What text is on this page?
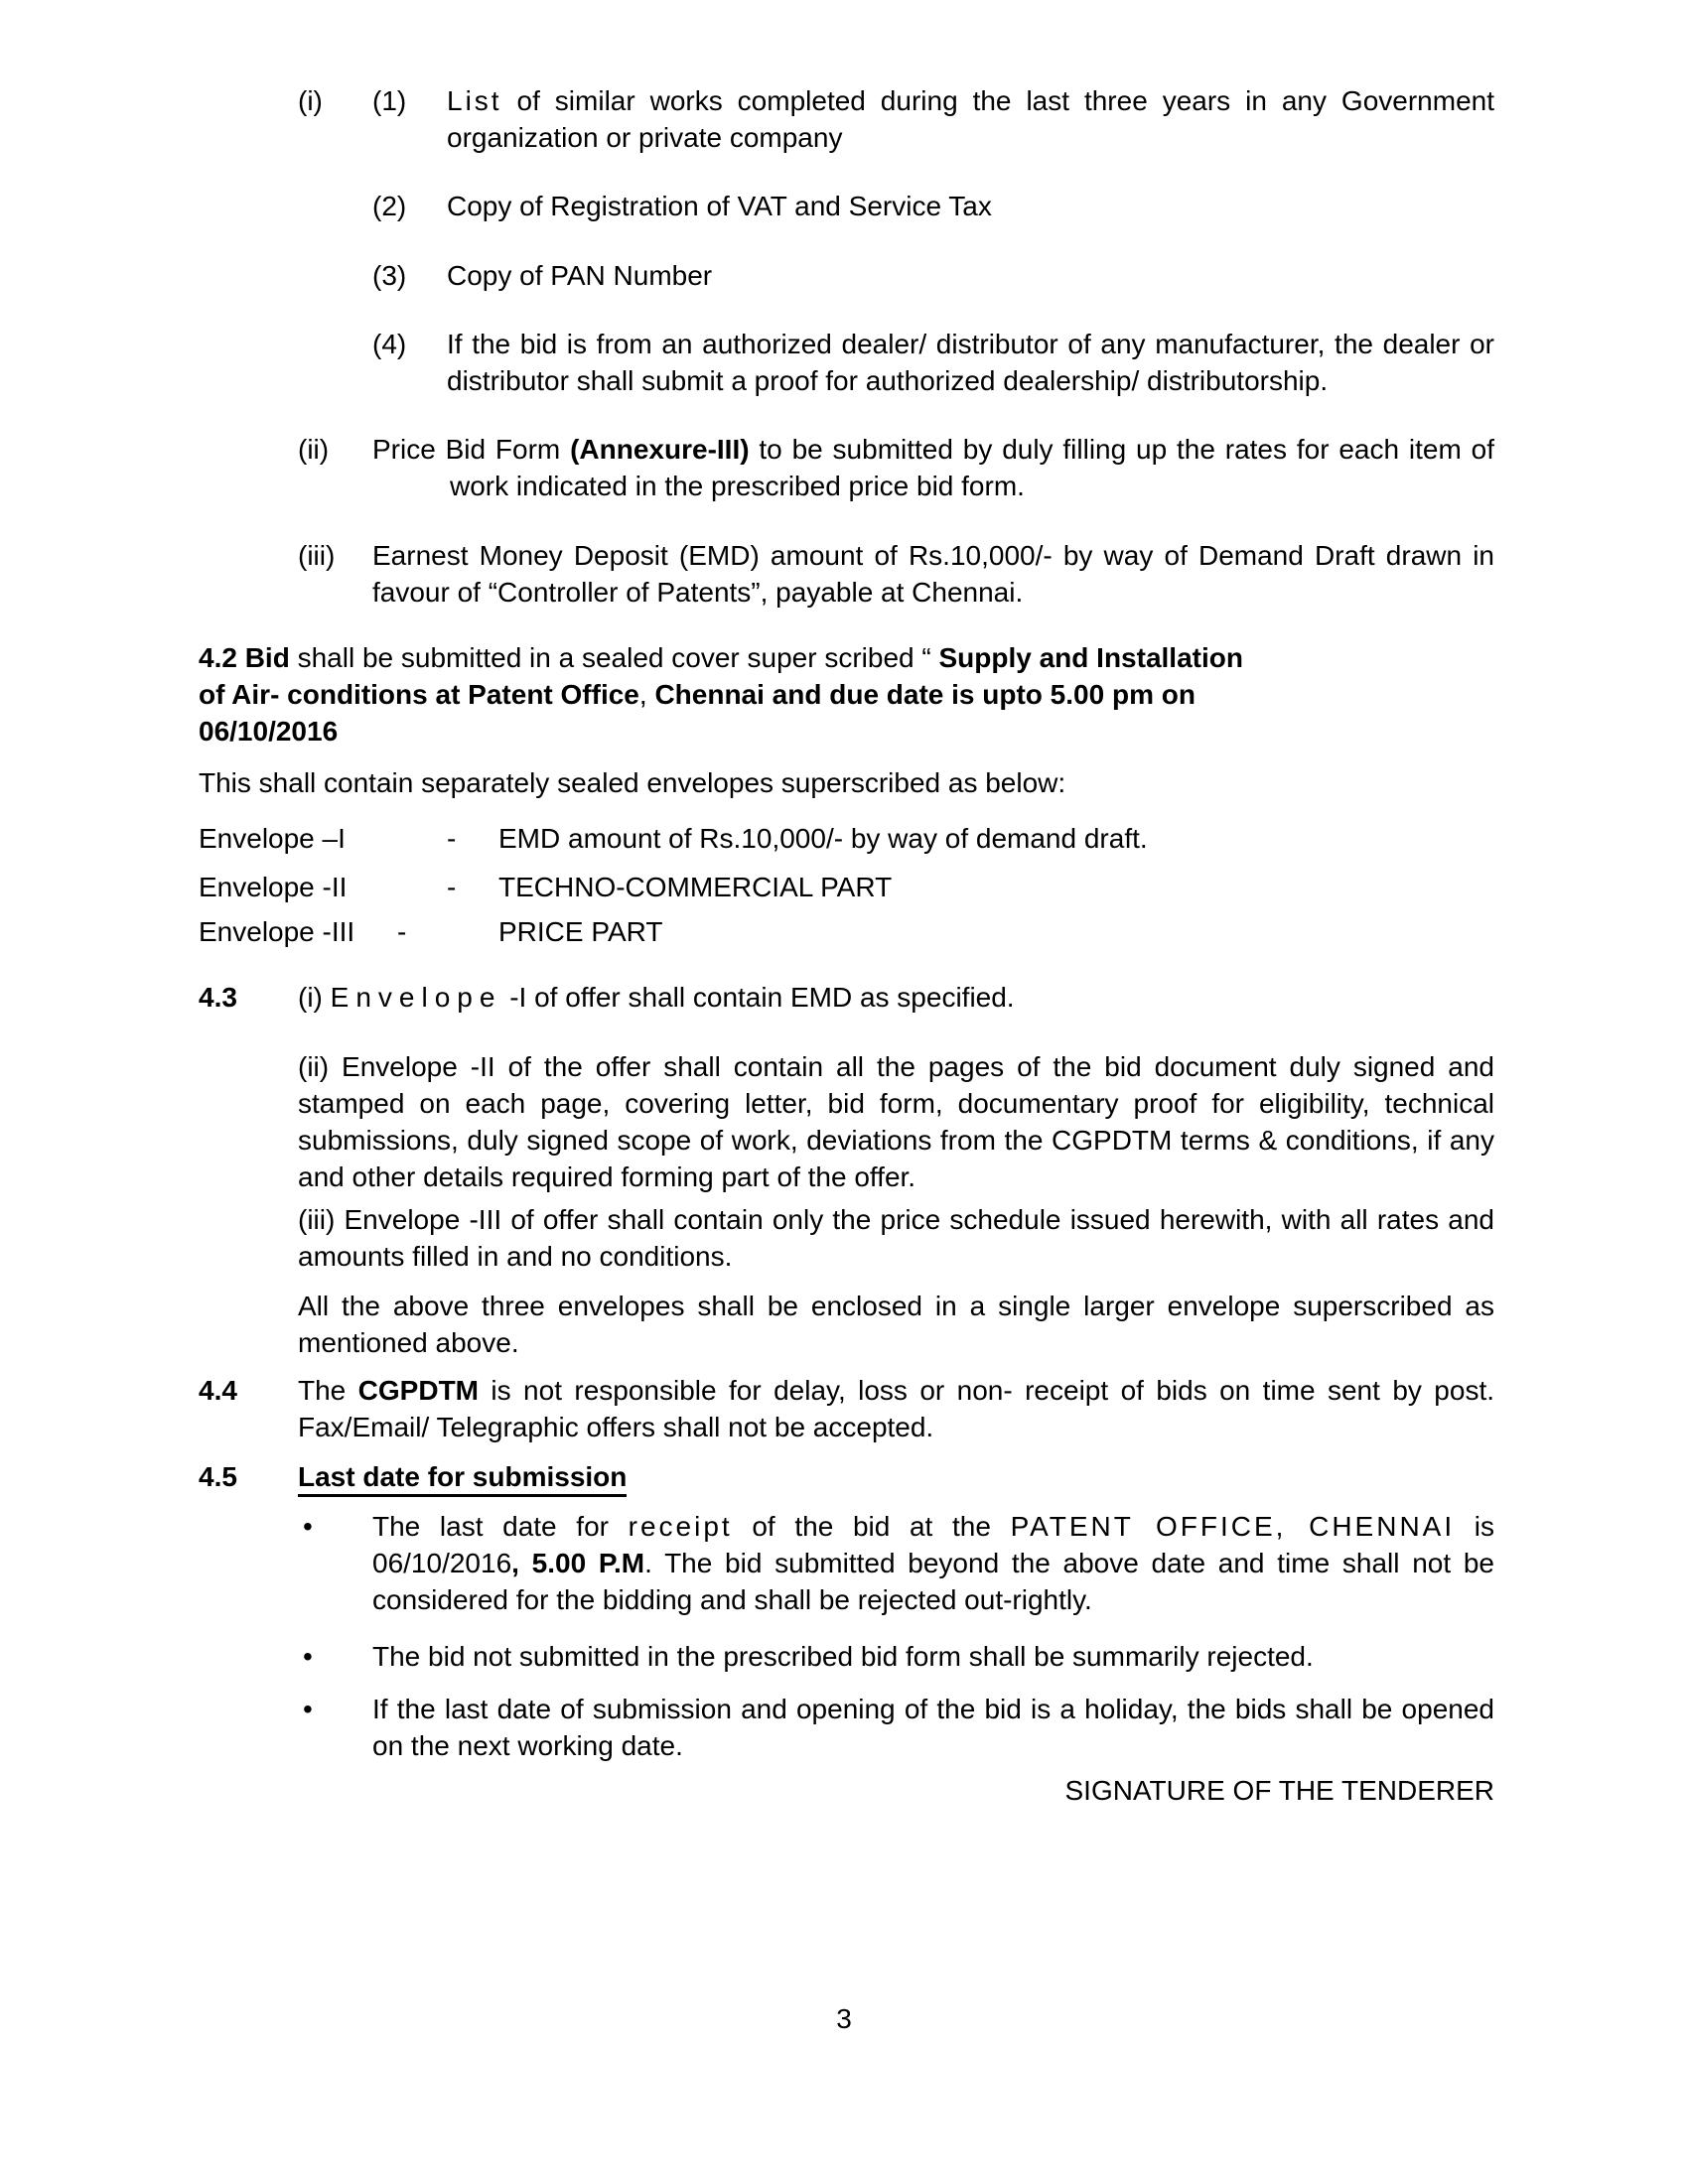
(i)	(1)	List of similar works completed during the last three years in any Government organization or private company
(2)	Copy of Registration of VAT and Service Tax
(3)	Copy of PAN Number
(4)	If the bid is from an authorized dealer/ distributor of any manufacturer, the dealer or distributor shall submit a proof for authorized dealership/ distributorship.
(ii)	Price Bid Form (Annexure-III) to be submitted by duly filling up the rates for each item of work indicated in the prescribed price bid form.
(iii)	Earnest Money Deposit (EMD) amount of Rs.10,000/- by way of Demand Draft drawn in favour of “Controller of Patents”, payable at Chennai.
4.2 Bid shall be submitted in a sealed cover super scribed “ Supply and Installation
of Air- conditions at Patent Office, Chennai and due date is upto 5.00 pm on
06/10/2016
This shall contain separately sealed envelopes superscribed as below:
Envelope –I	-	EMD amount of Rs.10,000/- by way of demand draft.
Envelope -II	-	TECHNO-COMMERCIAL PART
Envelope -III	-	PRICE PART
4.3	(i) Envelope -I of offer shall contain EMD as specified.
(ii) Envelope -II of the offer shall contain all the pages of the bid document duly signed and stamped on each page, covering letter, bid form, documentary proof for eligibility, technical submissions, duly signed scope of work, deviations from the CGPDTM terms & conditions, if any and other details required forming part of the offer.
(iii) Envelope -III of offer shall contain only the price schedule issued herewith, with all rates and amounts filled in and no conditions.
All the above three envelopes shall be enclosed in a single larger envelope superscribed as mentioned above.
4.4	The CGPDTM is not responsible for delay, loss or non- receipt of bids on time sent by post. Fax/Email/ Telegraphic offers shall not be accepted.
4.5	Last date for submission
•	The last date for receipt of the bid at the PATENT OFFICE, CHENNAI is 06/10/2016, 5.00 P.M. The bid submitted beyond the above date and time shall not be considered for the bidding and shall be rejected out-rightly.
•	The bid not submitted in the prescribed bid form shall be summarily rejected.
•	If the last date of submission and opening of the bid is a holiday, the bids shall be opened on the next working date.
SIGNATURE OF THE TENDERER
3
